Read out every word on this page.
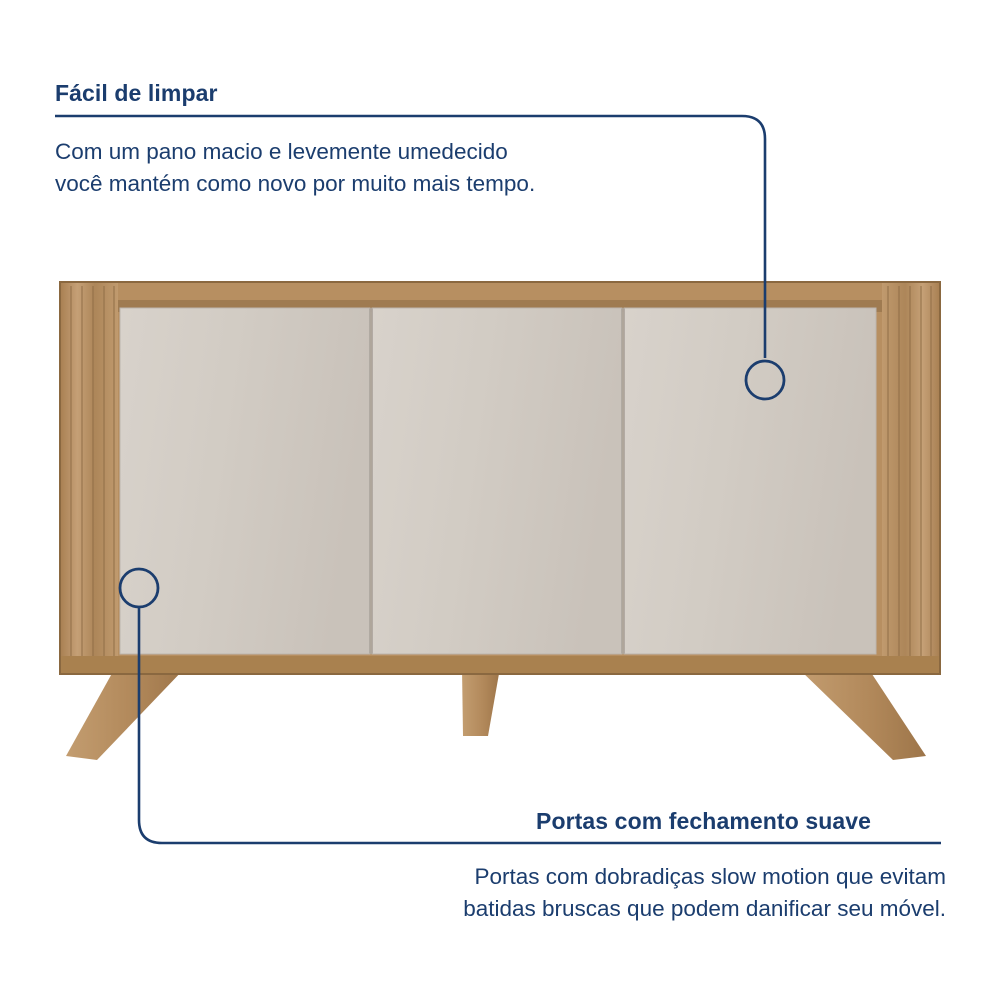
Fácil de limpar
Com um pano macio e levemente umedecido
você mantém como novo por muito mais tempo.
Portas com fechamento suave
Portas com dobradiças slow motion que evitam
batidas bruscas que podem danificar seu móvel.
